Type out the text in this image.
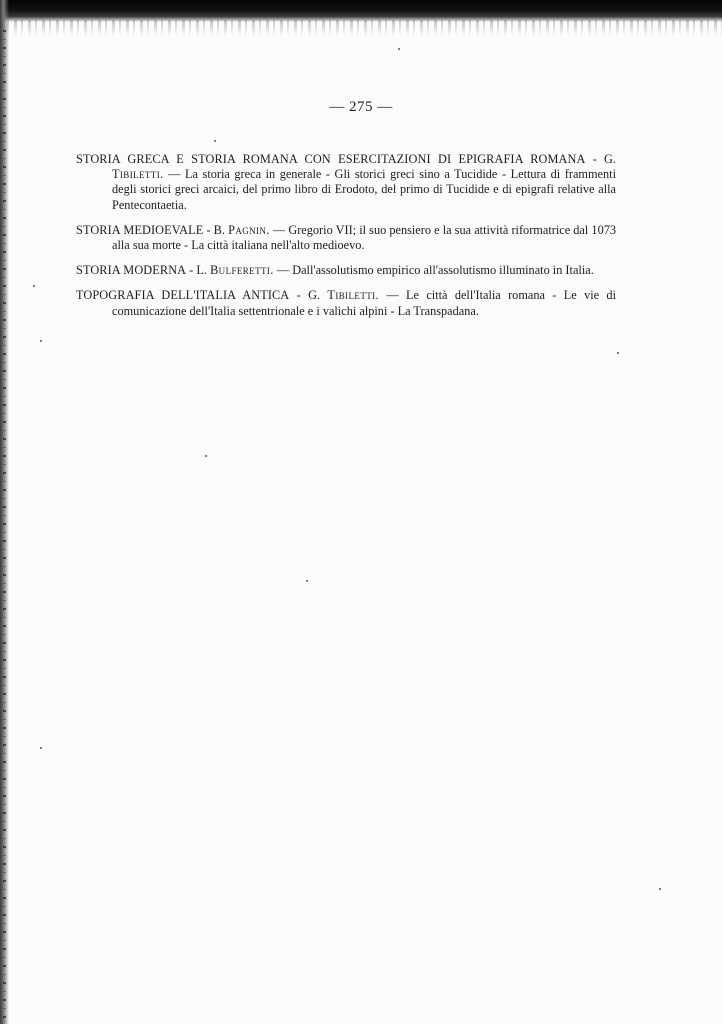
— 275 —

STORIA GRECA E STORIA ROMANA CON ESERCITAZIONI DI EPIGRAFIA ROMANA - G. Tibiletti. — La storia greca in generale - Gli storici greci sino a Tucidide - Lettura di frammenti degli storici greci arcaici, del primo libro di Erodoto, del primo di Tucidide e di epigrafi relative alla Pentecontaetia.

STORIA MEDIOEVALE - B. Pagnin. — Gregorio VII; il suo pensiero e la sua attività riformatrice dal 1073 alla sua morte - La città italiana nell'alto medioevo.

STORIA MODERNA - L. Bulferetti. — Dall'assolutismo empirico all'assolutismo illuminato in Italia.

TOPOGRAFIA DELL'ITALIA ANTICA - G. Tibiletti. — Le città dell'Italia romana - Le vie di comunicazione dell'Italia settentrionale e i valichi alpini - La Transpadana.
